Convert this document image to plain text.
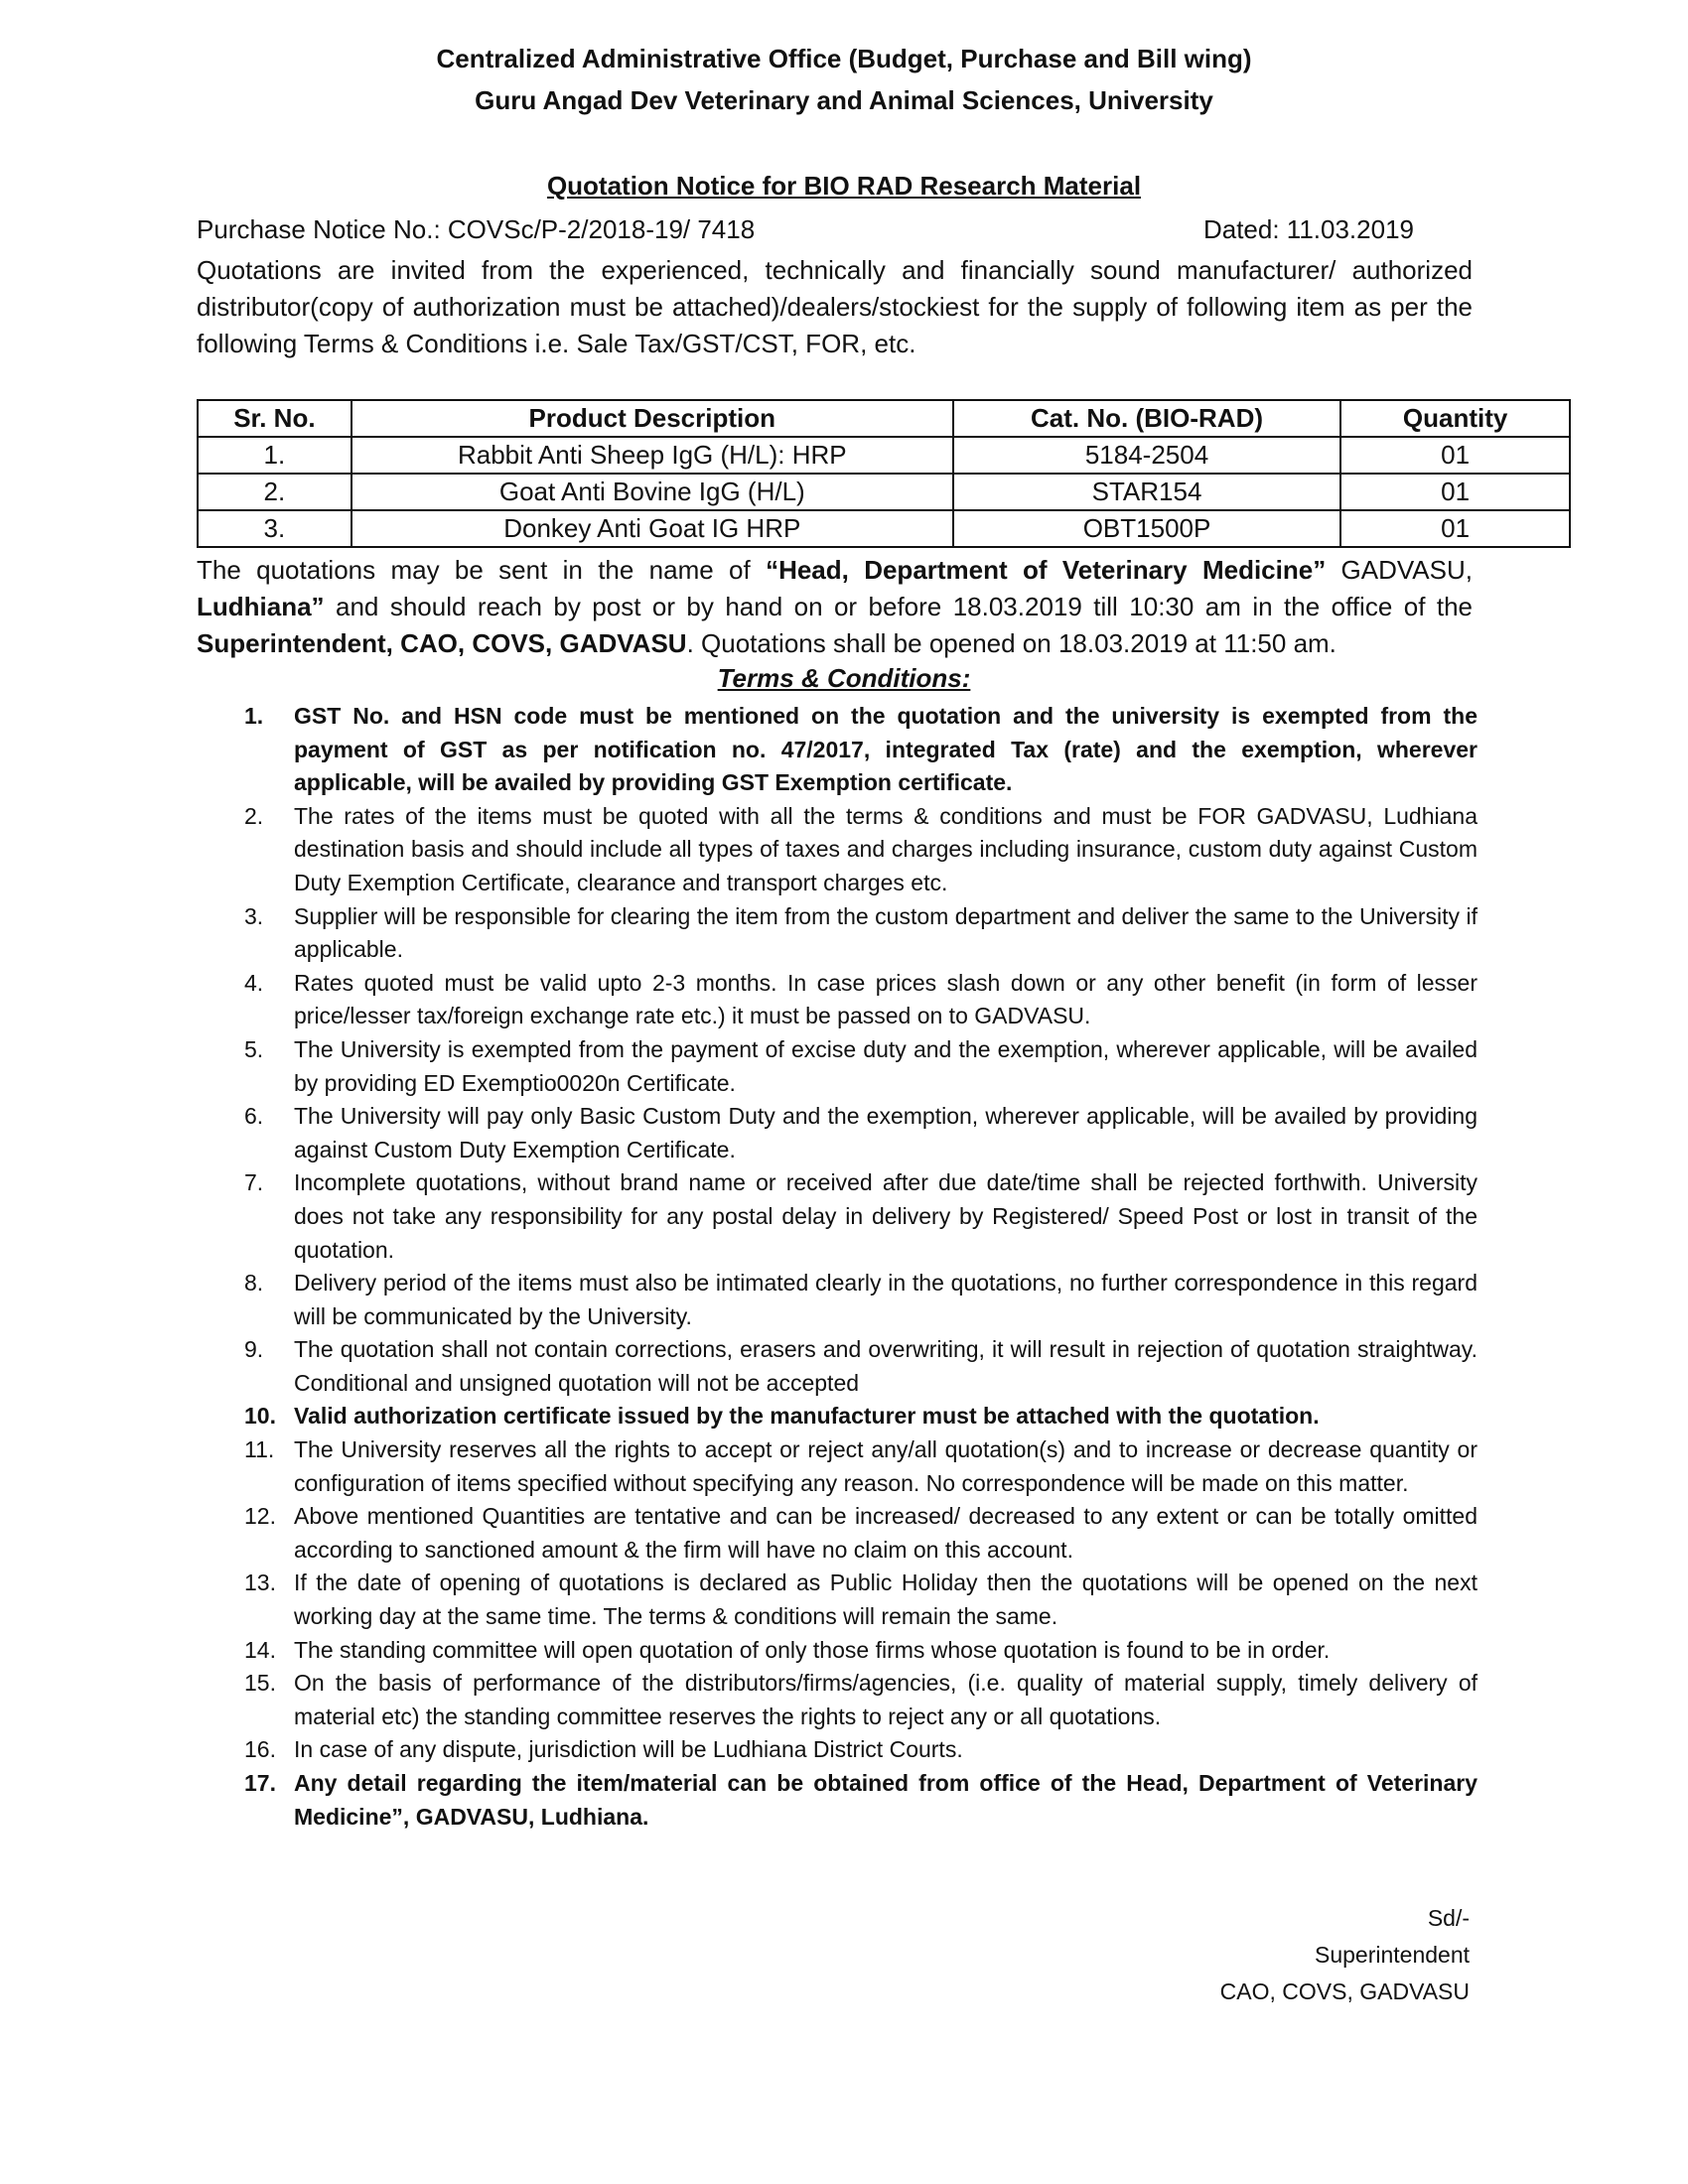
Centralized Administrative Office (Budget, Purchase and Bill wing)
Guru Angad Dev Veterinary and Animal Sciences, University
Quotation Notice for BIO RAD Research Material
Purchase Notice No.: COVSc/P-2/2018-19/ 7418	Dated: 11.03.2019
Quotations are invited from the experienced, technically and financially sound manufacturer/ authorized distributor(copy of authorization must be attached)/dealers/stockiest for the supply of following item as per the following Terms & Conditions i.e. Sale Tax/GST/CST, FOR, etc.
Sr. No.	Product Description	Cat. No. (BIO-RAD)	Quantity
1.	Rabbit Anti Sheep IgG (H/L): HRP	5184-2504	01
2.	Goat Anti Bovine IgG (H/L)	STAR154	01
3.	Donkey Anti Goat IG HRP	OBT1500P	01
The quotations may be sent in the name of “Head, Department of Veterinary Medicine” GADVASU, Ludhiana” and should reach by post or by hand on or before 18.03.2019 till 10:30 am in the office of the Superintendent, CAO, COVS, GADVASU. Quotations shall be opened on 18.03.2019 at 11:50 am.
Terms & Conditions:
1. GST No. and HSN code must be mentioned on the quotation and the university is exempted from the payment of GST as per notification no. 47/2017, integrated Tax (rate) and the exemption, wherever applicable, will be availed by providing GST Exemption certificate.
2. The rates of the items must be quoted with all the terms & conditions and must be FOR GADVASU, Ludhiana destination basis and should include all types of taxes and charges including insurance, custom duty against Custom Duty Exemption Certificate, clearance and transport charges etc.
3. Supplier will be responsible for clearing the item from the custom department and deliver the same to the University if applicable.
4. Rates quoted must be valid upto 2-3 months. In case prices slash down or any other benefit (in form of lesser price/lesser tax/foreign exchange rate etc.) it must be passed on to GADVASU.
5. The University is exempted from the payment of excise duty and the exemption, wherever applicable, will be availed by providing ED Exemptio0020n Certificate.
6. The University will pay only Basic Custom Duty and the exemption, wherever applicable, will be availed by providing against Custom Duty Exemption Certificate.
7. Incomplete quotations, without brand name or received after due date/time shall be rejected forthwith. University does not take any responsibility for any postal delay in delivery by Registered/ Speed Post or lost in transit of the quotation.
8. Delivery period of the items must also be intimated clearly in the quotations, no further correspondence in this regard will be communicated by the University.
9. The quotation shall not contain corrections, erasers and overwriting, it will result in rejection of quotation straightway. Conditional and unsigned quotation will not be accepted
10. Valid authorization certificate issued by the manufacturer must be attached with the quotation.
11. The University reserves all the rights to accept or reject any/all quotation(s) and to increase or decrease quantity or configuration of items specified without specifying any reason. No correspondence will be made on this matter.
12. Above mentioned Quantities are tentative and can be increased/ decreased to any extent or can be totally omitted according to sanctioned amount & the firm will have no claim on this account.
13. If the date of opening of quotations is declared as Public Holiday then the quotations will be opened on the next working day at the same time. The terms & conditions will remain the same.
14. The standing committee will open quotation of only those firms whose quotation is found to be in order.
15. On the basis of performance of the distributors/firms/agencies, (i.e. quality of material supply, timely delivery of material etc) the standing committee reserves the rights to reject any or all quotations.
16. In case of any dispute, jurisdiction will be Ludhiana District Courts.
17. Any detail regarding the item/material can be obtained from office of the Head, Department of Veterinary Medicine”, GADVASU, Ludhiana.
Sd/-
Superintendent
CAO, COVS, GADVASU
